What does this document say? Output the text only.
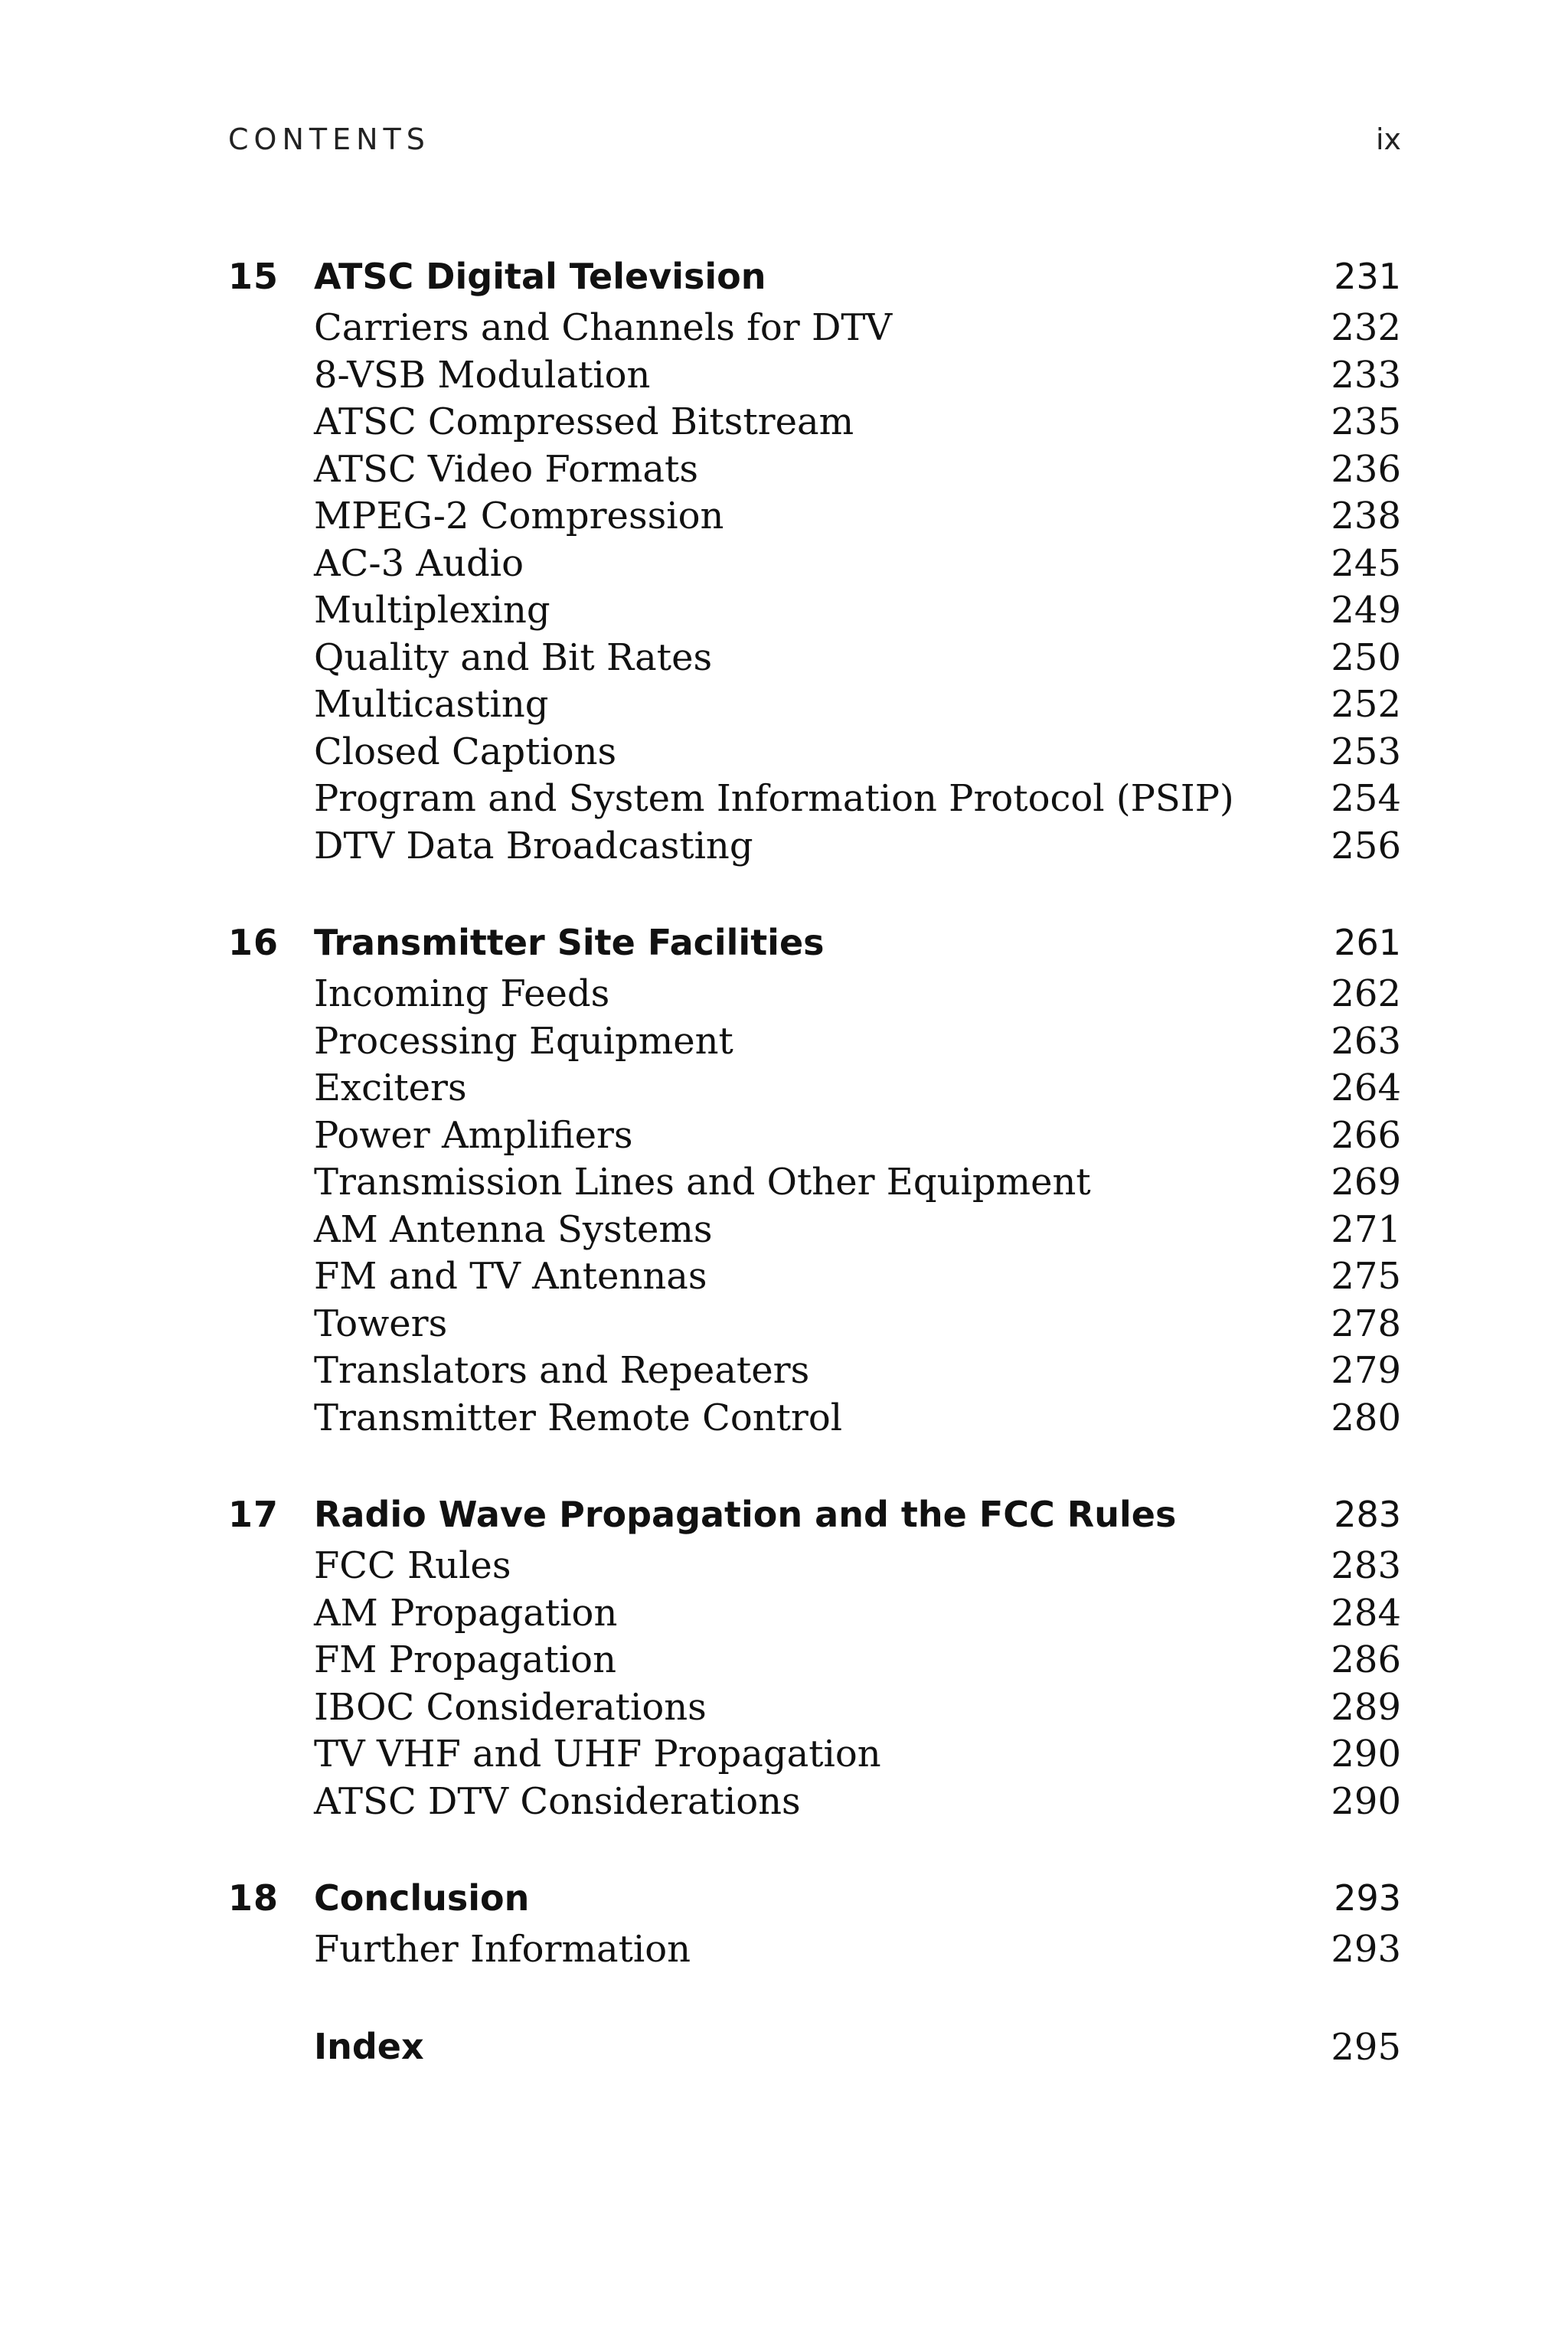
CONTENTS	ix
15 ATSC Digital Television	231
Carriers and Channels for DTV	232
8-VSB Modulation	233
ATSC Compressed Bitstream	235
ATSC Video Formats	236
MPEG-2 Compression	238
AC-3 Audio	245
Multiplexing	249
Quality and Bit Rates	250
Multicasting	252
Closed Captions	253
Program and System Information Protocol (PSIP)	254
DTV Data Broadcasting	256
16 Transmitter Site Facilities	261
Incoming Feeds	262
Processing Equipment	263
Exciters	264
Power Amplifiers	266
Transmission Lines and Other Equipment	269
AM Antenna Systems	271
FM and TV Antennas	275
Towers	278
Translators and Repeaters	279
Transmitter Remote Control	280
17 Radio Wave Propagation and the FCC Rules	283
FCC Rules	283
AM Propagation	284
FM Propagation	286
IBOC Considerations	289
TV VHF and UHF Propagation	290
ATSC DTV Considerations	290
18 Conclusion	293
Further Information	293
Index	295
